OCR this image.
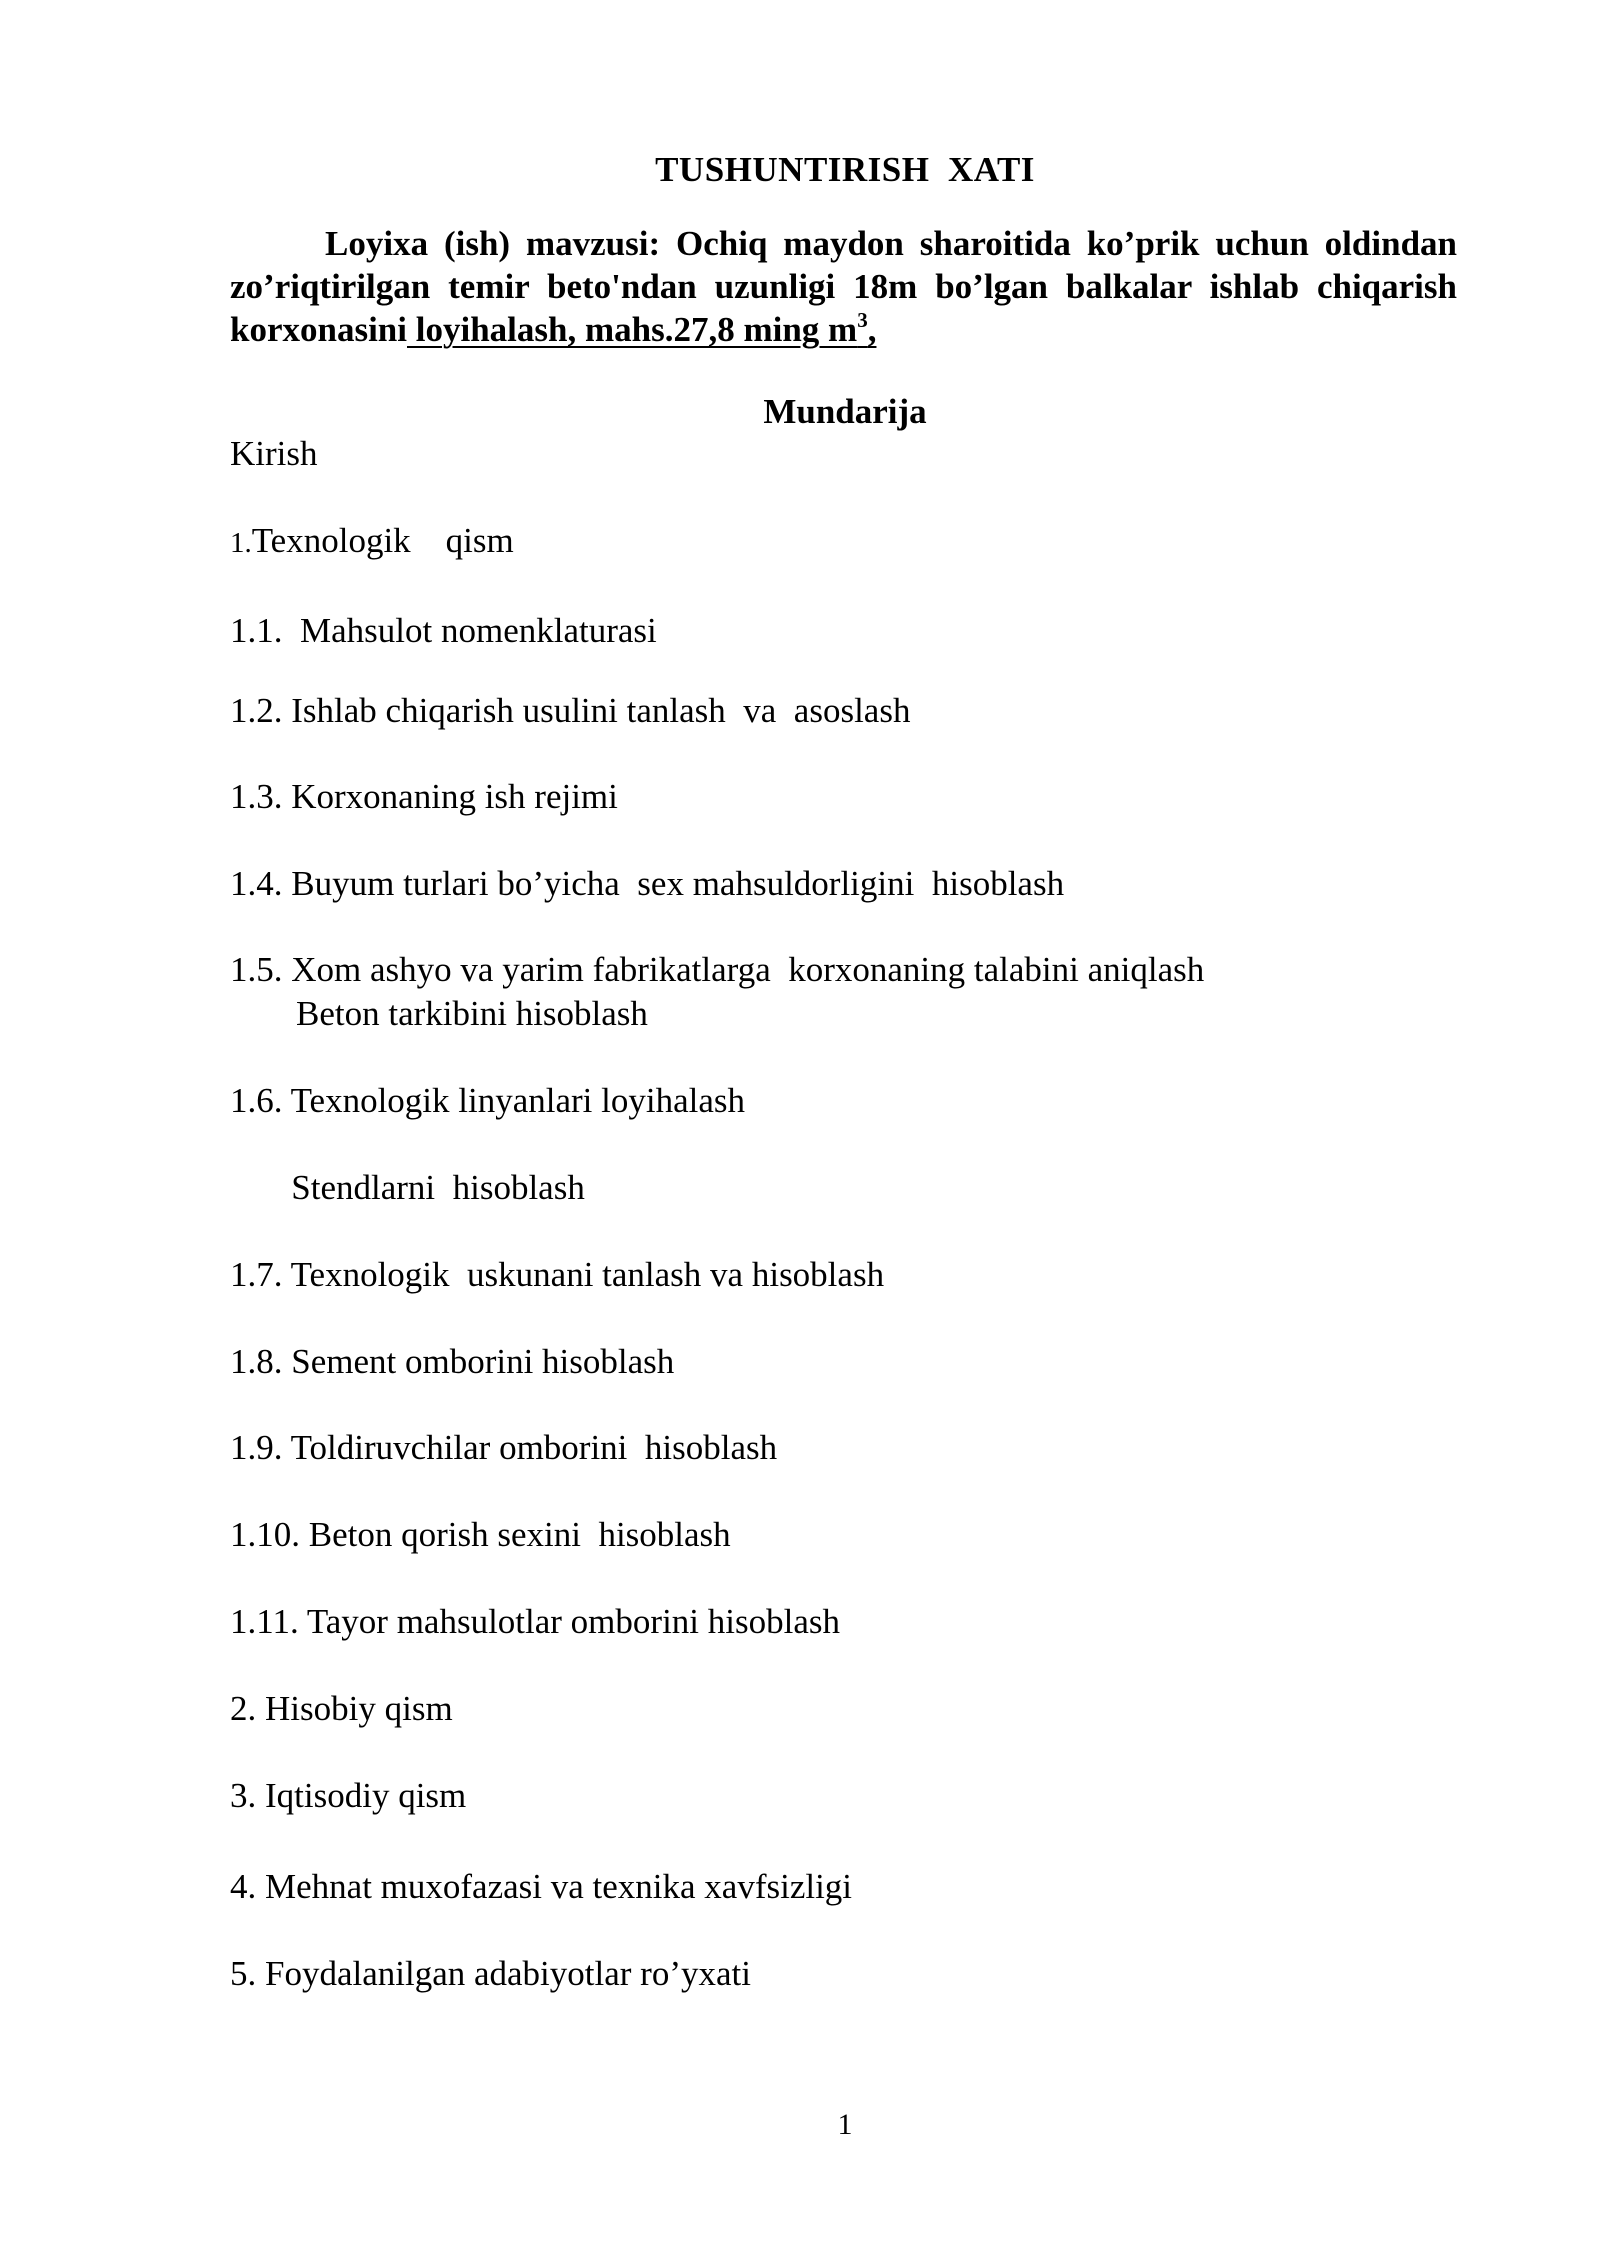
TUSHUNTIRISH  XATI
Loyixa (ish) mavzusi: Ochiq maydon sharoitida ko’prik uchun oldindan zo’riqtirilgan temir beto'ndan uzunligi 18m bo’lgan balkalar ishlab chiqarish korxonasini loyihalash, mahs.27,8 ming $m^3$,
Mundarija
Kirish
1.Texnologik    qism
1.1.  Mahsulot nomenklaturasi
1.2. Ishlab chiqarish usulini tanlash  va  asoslash
1.3. Korxonaning ish rejimi
1.4. Buyum turlari bo’yicha  sex mahsuldorligini  hisoblash
1.5. Xom ashyo va yarim fabrikatlarga  korxonaning talabini aniqlash
Beton tarkibini hisoblash
1.6. Texnologik linyanlari loyihalash
Stendlarni  hisoblash
1.7. Texnologik  uskunani tanlash va hisoblash
1.8. Sement omborini hisoblash
1.9. Toldiruvchilar omborini  hisoblash
1.10. Beton qorish sexini  hisoblash
1.11. Tayor mahsulotlar omborini hisoblash
2. Hisobiy qism
3. Iqtisodiy qism
4. Mehnat muxofazasi va texnika xavfsizligi
5. Foydalanilgan adabiyotlar ro’yxati
1
